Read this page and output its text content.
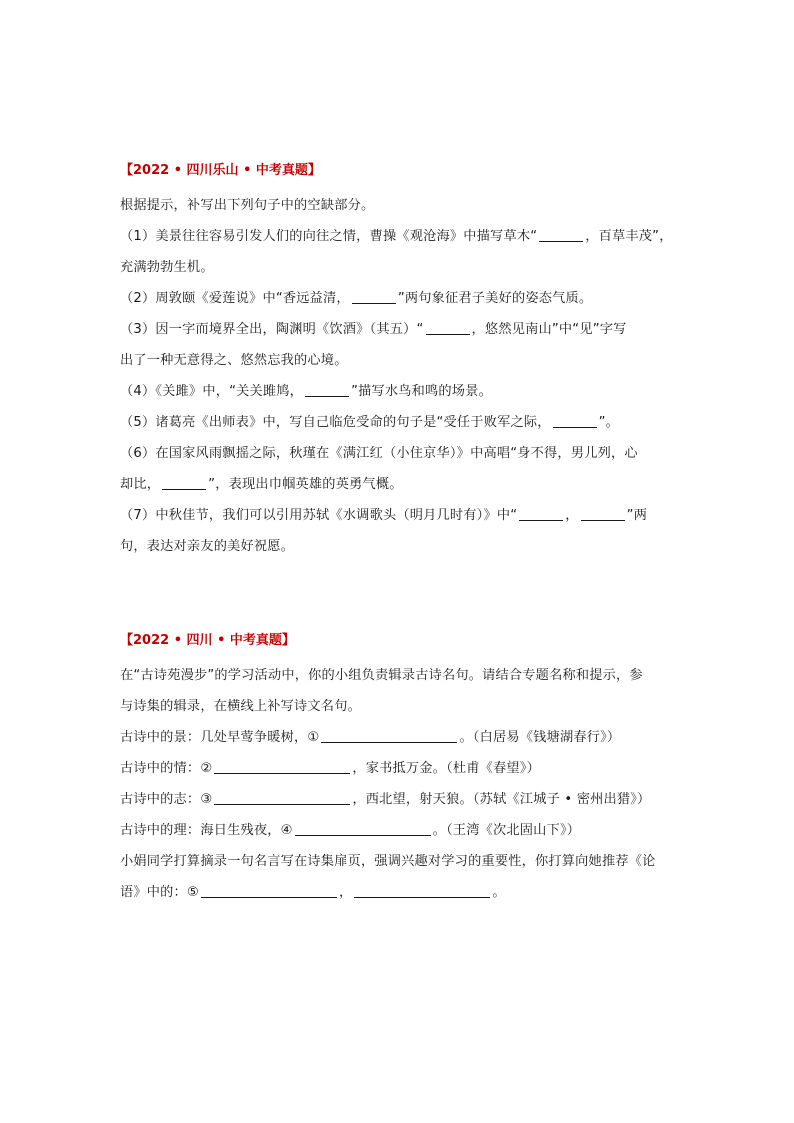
【2022 • 四川乐山 • 中考真题】
根据提示，补写出下列句子中的空缺部分。
（1）美景往往容易引发人们的向往之情，曹操《观沧海》中描写草木“	，百草丰茂”，
充满勃勃生机。
（2）周敦颐《爱莲说》中“香远益清，	”两句象征君子美好的姿态气质。
（3）因一字而境界全出，陶渊明《饮酒》（其五）“	，悠然见南山”中“见”字写
出了一种无意得之、悠然忘我的心境。
（4）《关雎》中，“关关雎鸠，	”描写水鸟和鸣的场景。
（5）诸葛亮《出师表》中，写自己临危受命的句子是“受任于败军之际，	”。
（6）在国家风雨飘摇之际，秋瑾在《满江红（小住京华）》中高唱“身不得，男儿列，心
却比，	”，表现出巾帼英雄的英勇气概。
（7）中秋佳节，我们可以引用苏轼《水调歌头（明月几时有）》中“	，	”两
句，表达对亲友的美好祝愿。
【2022 • 四川 • 中考真题】
在“古诗苑漫步”的学习活动中，你的小组负责辑录古诗名句。请结合专题名称和提示，参
与诗集的辑录，在横线上补写诗文名句。
古诗中的景：几处早莺争暖树，①	。（白居易《钱塘湖春行》）
古诗中的情：②	，家书抵万金。（杜甫《春望》）
古诗中的志：③	，西北望，射天狼。（苏轼《江城子 • 密州出猎》）
古诗中的理：海日生残夜，④	。（王湾《次北固山下》）
小娟同学打算摘录一句名言写在诗集扉页，强调兴趣对学习的重要性，你打算向她推荐《论
语》中的：⑤	，	。
